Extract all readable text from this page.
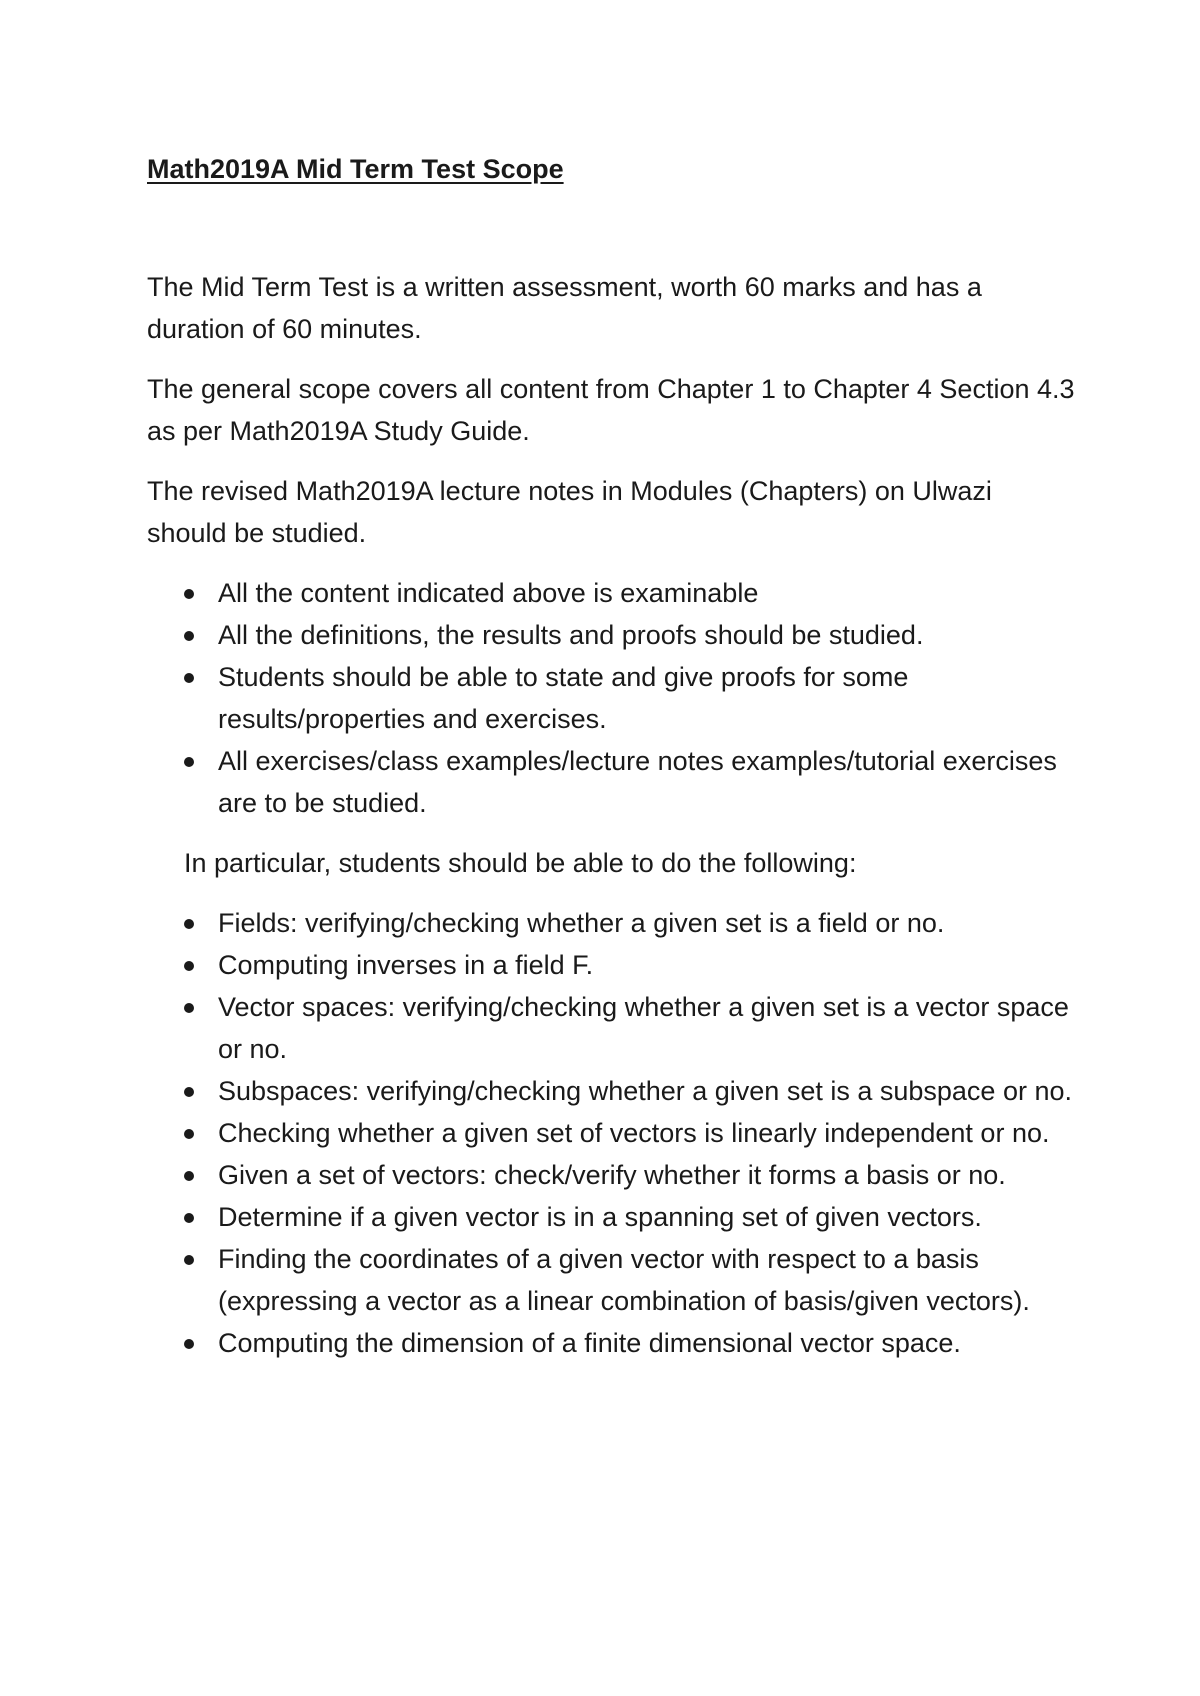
Math2019A Mid Term Test Scope

The Mid Term Test is a written assessment, worth 60 marks and has a duration of 60 minutes.

The general scope covers all content from Chapter 1 to Chapter 4 Section 4.3 as per Math2019A Study Guide.

The revised Math2019A lecture notes in Modules (Chapters) on Ulwazi should be studied.

All the content indicated above is examinable
All the definitions, the results and proofs should be studied.
Students should be able to state and give proofs for some results/properties and exercises.
All exercises/class examples/lecture notes examples/tutorial exercises are to be studied.

In particular, students should be able to do the following:

Fields: verifying/checking whether a given set is a field or no.
Computing inverses in a field F.
Vector spaces: verifying/checking whether a given set is a vector space or no.
Subspaces: verifying/checking whether a given set is a subspace or no.
Checking whether a given set of vectors is linearly independent or no.
Given a set of vectors: check/verify whether it forms a basis or no.
Determine if a given vector is in a spanning set of given vectors.
Finding the coordinates of a given vector with respect to a basis (expressing a vector as a linear combination of basis/given vectors).
Computing the dimension of a finite dimensional vector space.
